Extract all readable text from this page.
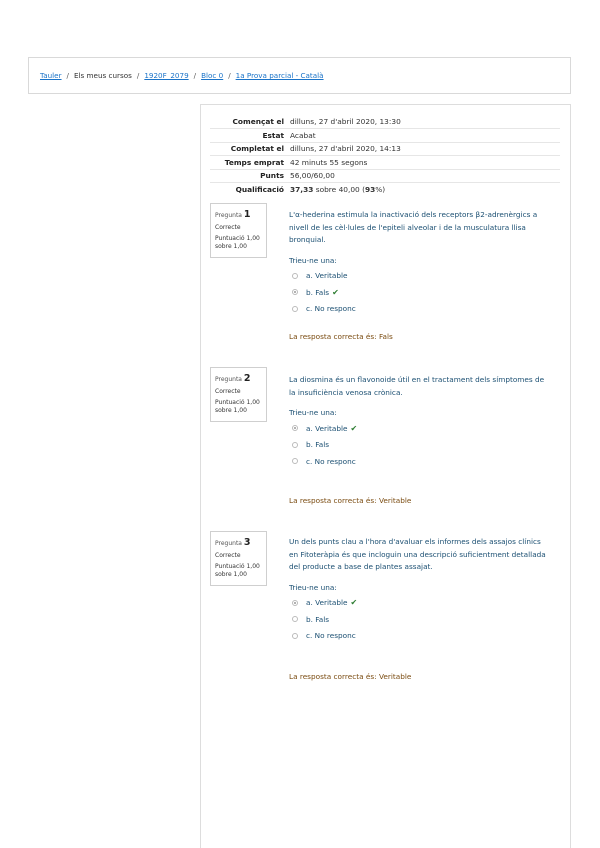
Tauler / Els meus cursos / 1920F_2079 / Bloc 0 / 1a Prova parcial - Català
Començat el	dilluns, 27 d'abril 2020, 13:30
Estat	Acabat
Completat el	dilluns, 27 d'abril 2020, 14:13
Temps emprat	42 minuts 55 segons
Punts	56,00/60,00
Qualificació	37,33 sobre 40,00 (93%)
Pregunta 1
Correcte
Puntuació 1,00
sobre 1,00
L'α-hederina estimula la inactivació dels receptors β2-adrenèrgics a nivell de les cèl·lules de l'epiteli alveolar i de la musculatura llisa bronquial.
Trieu-ne una:
a. Veritable
b. Fals ✔
c. No responc
La resposta correcta és: Fals
Pregunta 2
Correcte
Puntuació 1,00
sobre 1,00
La diosmina és un flavonoide útil en el tractament dels símptomes de la insuficiència venosa crònica.
Trieu-ne una:
a. Veritable ✔
b. Fals
c. No responc
La resposta correcta és: Veritable
Pregunta 3
Correcte
Puntuació 1,00
sobre 1,00
Un dels punts clau a l'hora d'avaluar els informes dels assajos clínics en Fitoteràpia és que incloguin una descripció suficientment detallada del producte a base de plantes assajat.
Trieu-ne una:
a. Veritable ✔
b. Fals
c. No responc
La resposta correcta és: Veritable
